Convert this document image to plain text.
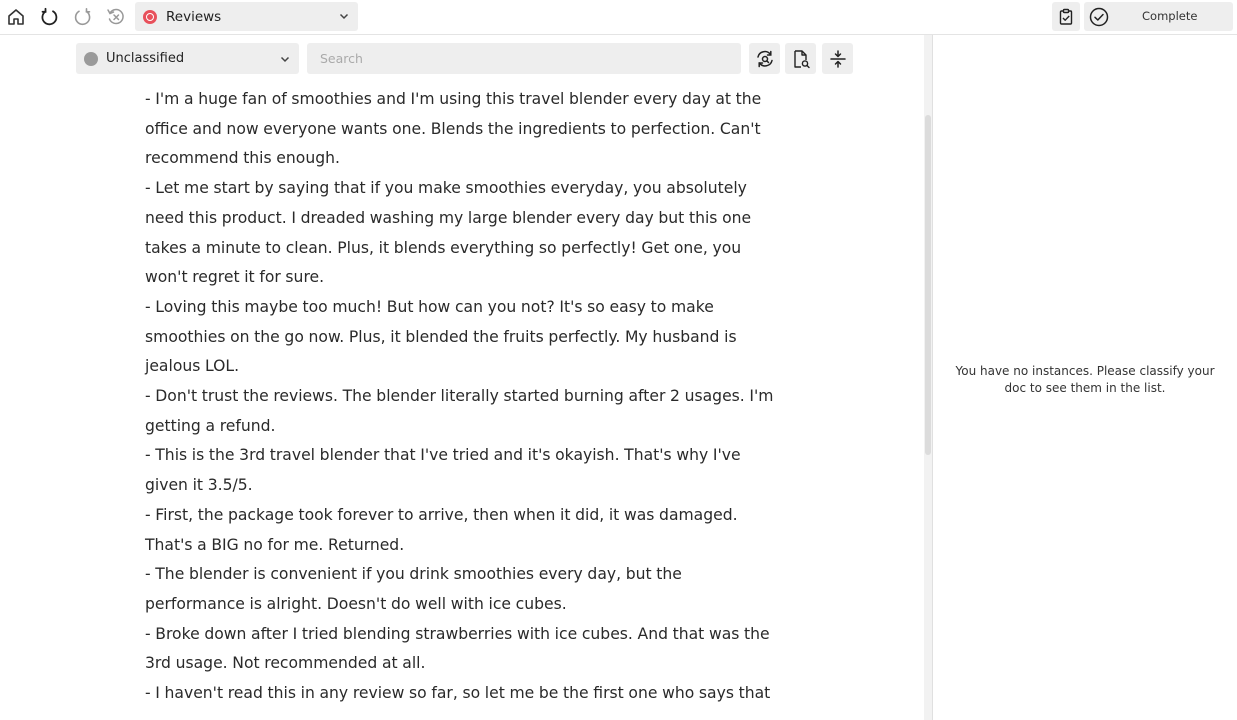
Reviews	Complete
Unclassified
Search

- I'm a huge fan of smoothies and I'm using this travel blender every day at the office and now everyone wants one. Blends the ingredients to perfection. Can't recommend this enough.

- Let me start by saying that if you make smoothies everyday, you absolutely need this product. I dreaded washing my large blender every day but this one takes a minute to clean. Plus, it blends everything so perfectly! Get one, you won't regret it for sure.

- Loving this maybe too much! But how can you not? It's so easy to make smoothies on the go now. Plus, it blended the fruits perfectly. My husband is jealous LOL.

- Don't trust the reviews. The blender literally started burning after 2 usages. I'm getting a refund.

- This is the 3rd travel blender that I've tried and it's okayish. That's why I've given it 3.5/5.

- First, the package took forever to arrive, then when it did, it was damaged. That's a BIG no for me. Returned.

- The blender is convenient if you drink smoothies every day, but the performance is alright. Doesn't do well with ice cubes.

- Broke down after I tried blending strawberries with ice cubes. And that was the 3rd usage. Not recommended at all.

- I haven't read this in any review so far, so let me be the first one who says that

You have no instances. Please classify your doc to see them in the list.
